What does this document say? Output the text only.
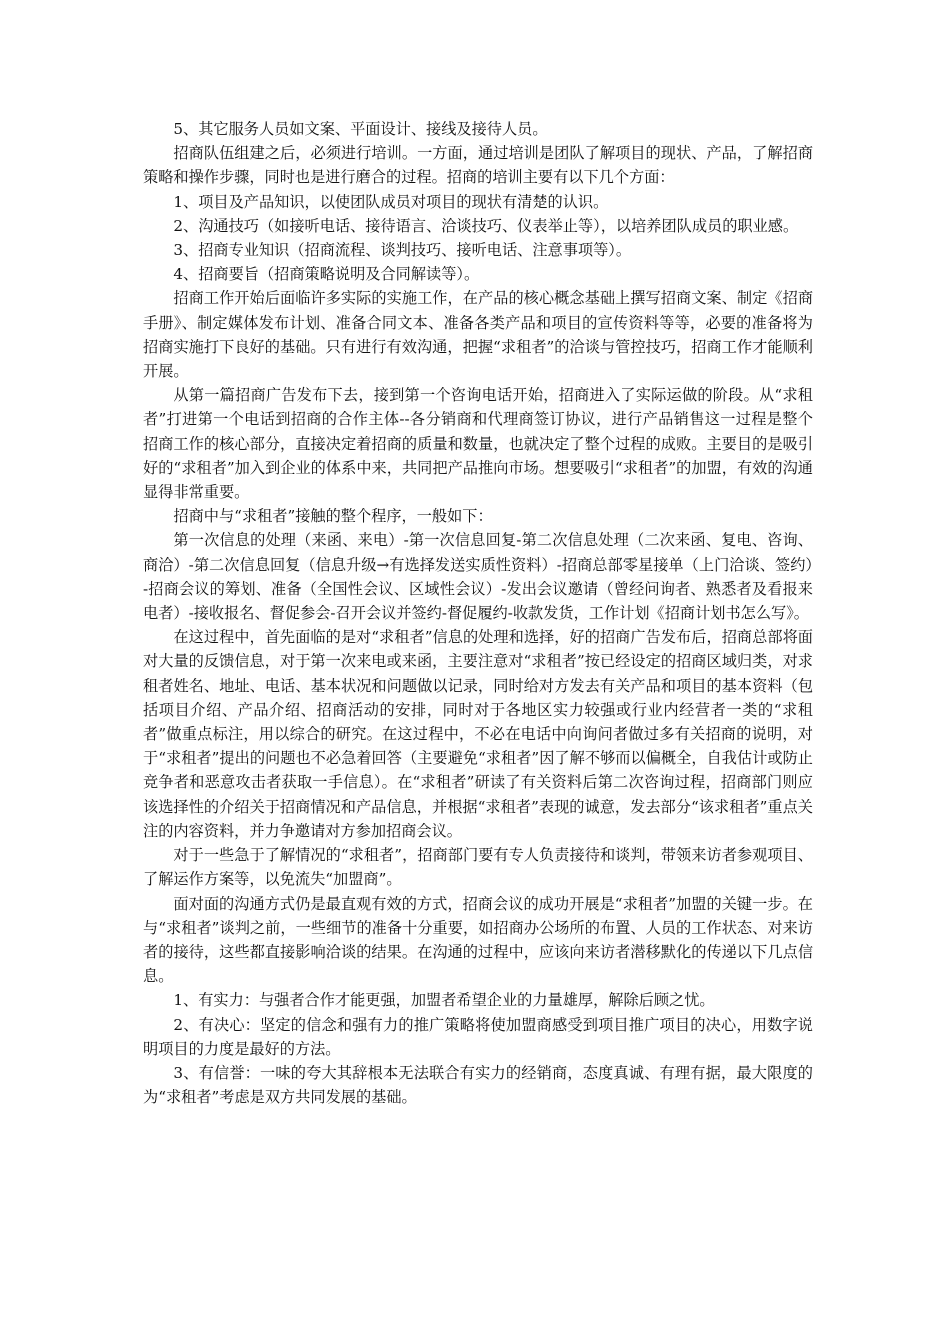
5、其它服务人员如文案、平面设计、接线及接待人员。

招商队伍组建之后，必须进行培训。一方面，通过培训是团队了解项目的现状、产品，了解招商策略和操作步骤，同时也是进行磨合的过程。招商的培训主要有以下几个方面：

1、项目及产品知识，以使团队成员对项目的现状有清楚的认识。

2、沟通技巧（如接听电话、接待语言、洽谈技巧、仪表举止等），以培养团队成员的职业感。

3、招商专业知识（招商流程、谈判技巧、接听电话、注意事项等）。

4、招商要旨（招商策略说明及合同解读等）。

招商工作开始后面临许多实际的实施工作，在产品的核心概念基础上撰写招商文案、制定《招商手册》、制定媒体发布计划、准备合同文本、准备各类产品和项目的宣传资料等等，必要的准备将为招商实施打下良好的基础。只有进行有效沟通，把握“求租者”的洽谈与管控技巧，招商工作才能顺利开展。

从第一篇招商广告发布下去，接到第一个咨询电话开始，招商进入了实际运做的阶段。从“求租者”打进第一个电话到招商的合作主体--各分销商和代理商签订协议，进行产品销售这一过程是整个招商工作的核心部分，直接决定着招商的质量和数量，也就决定了整个过程的成败。主要目的是吸引好的“求租者”加入到企业的体系中来，共同把产品推向市场。想要吸引“求租者”的加盟，有效的沟通显得非常重要。

招商中与“求租者”接触的整个程序，一般如下：

第一次信息的处理（来函、来电）-第一次信息回复-第二次信息处理（二次来函、复电、咨询、商洽）-第二次信息回复（信息升级→有选择发送实质性资料）-招商总部零星接单（上门洽谈、签约）-招商会议的筹划、准备（全国性会议、区域性会议）-发出会议邀请（曾经问询者、熟悉者及看报来电者）-接收报名、督促参会-召开会议并签约-督促履约-收款发货，工作计划《招商计划书怎么写》。

在这过程中，首先面临的是对“求租者”信息的处理和选择，好的招商广告发布后，招商总部将面对大量的反馈信息，对于第一次来电或来函，主要注意对“求租者”按已经设定的招商区域归类，对求租者姓名、地址、电话、基本状况和问题做以记录，同时给对方发去有关产品和项目的基本资料（包括项目介绍、产品介绍、招商活动的安排，同时对于各地区实力较强或行业内经营者一类的“求租者”做重点标注，用以综合的研究。在这过程中，不必在电话中向询问者做过多有关招商的说明，对于“求租者”提出的问题也不必急着回答（主要避免“求租者”因了解不够而以偏概全，自我估计或防止竞争者和恶意攻击者获取一手信息）。在“求租者”研读了有关资料后第二次咨询过程，招商部门则应该选择性的介绍关于招商情况和产品信息，并根据“求租者”表现的诚意，发去部分“该求租者”重点关注的内容资料，并力争邀请对方参加招商会议。

对于一些急于了解情况的“求租者”，招商部门要有专人负责接待和谈判，带领来访者参观项目、了解运作方案等，以免流失“加盟商”。

面对面的沟通方式仍是最直观有效的方式，招商会议的成功开展是“求租者”加盟的关键一步。在与“求租者”谈判之前，一些细节的准备十分重要，如招商办公场所的布置、人员的工作状态、对来访者的接待，这些都直接影响洽谈的结果。在沟通的过程中，应该向来访者潜移默化的传递以下几点信息。

1、有实力：与强者合作才能更强，加盟者希望企业的力量雄厚，解除后顾之忧。

2、有决心：坚定的信念和强有力的推广策略将使加盟商感受到项目推广项目的决心，用数字说明项目的力度是最好的方法。

3、有信誉：一味的夸大其辞根本无法联合有实力的经销商，态度真诚、有理有据，最大限度的为“求租者”考虑是双方共同发展的基础。
